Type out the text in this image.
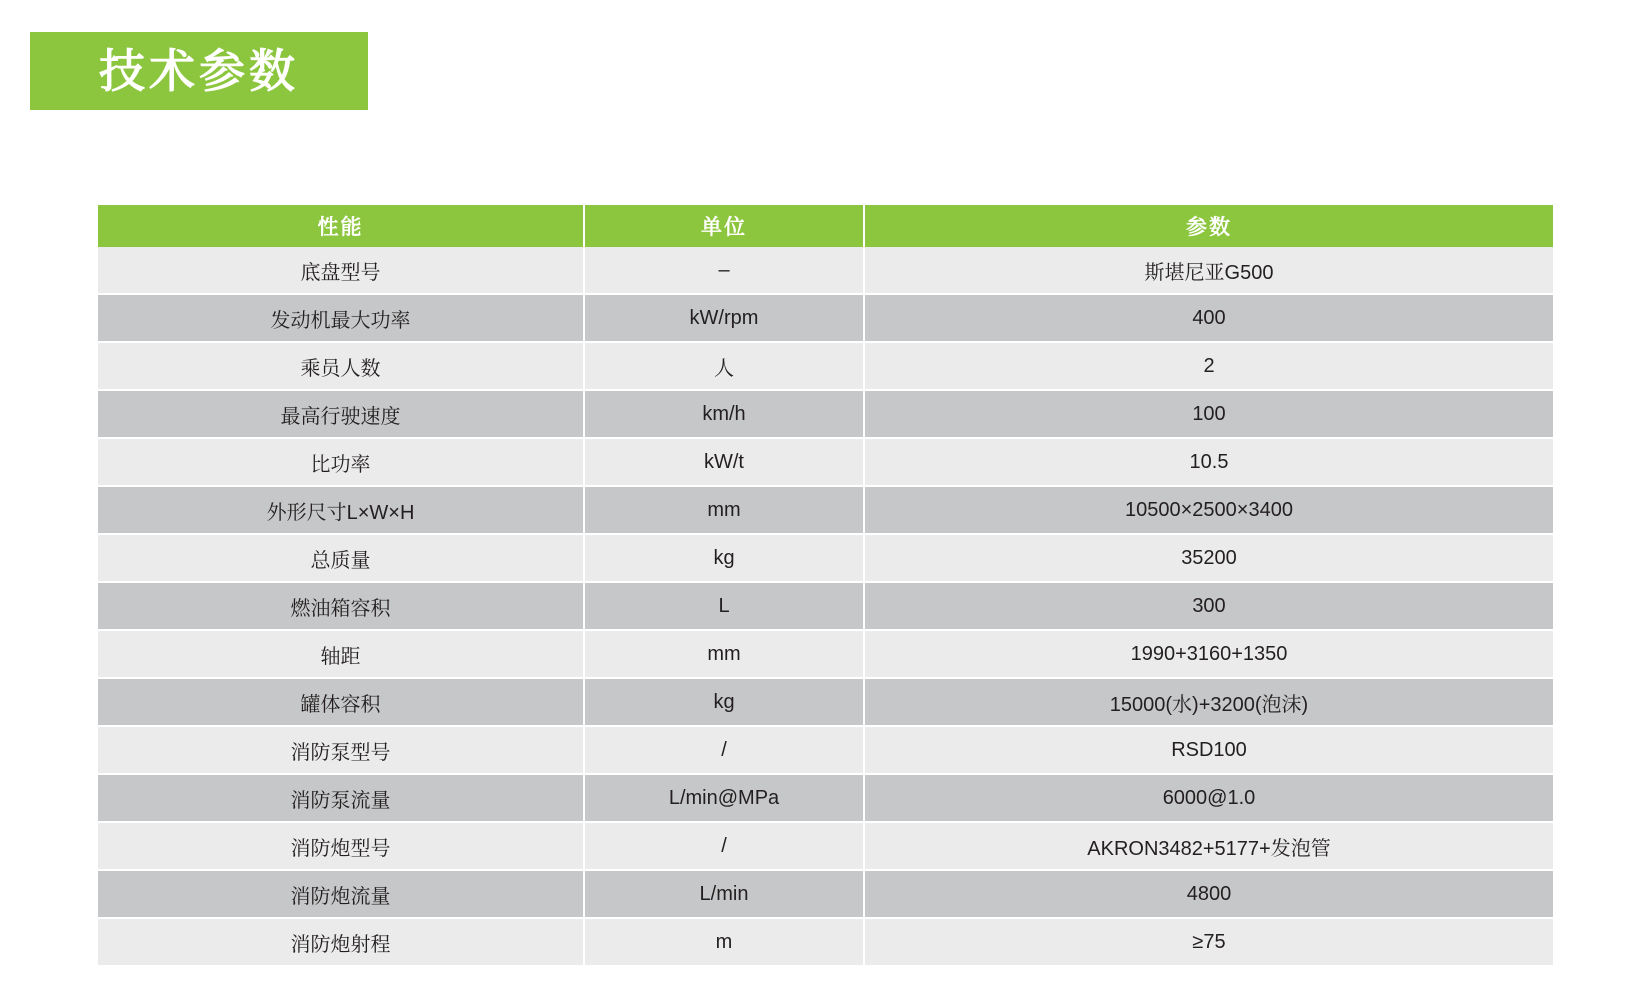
技术参数
性能	单位	参数
底盘型号	–	斯堪尼亚G500
发动机最大功率	kW/rpm	400
乘员人数	人	2
最高行驶速度	km/h	100
比功率	kW/t	10.5
外形尺寸L×W×H	mm	10500×2500×3400
总质量	kg	35200
燃油箱容积	L	300
轴距	mm	1990+3160+1350
罐体容积	kg	15000(水)+3200(泡沫)
消防泵型号	/	RSD100
消防泵流量	L/min@MPa	6000@1.0
消防炮型号	/	AKRON3482+5177+发泡管
消防炮流量	L/min	4800
消防炮射程	m	≥75
